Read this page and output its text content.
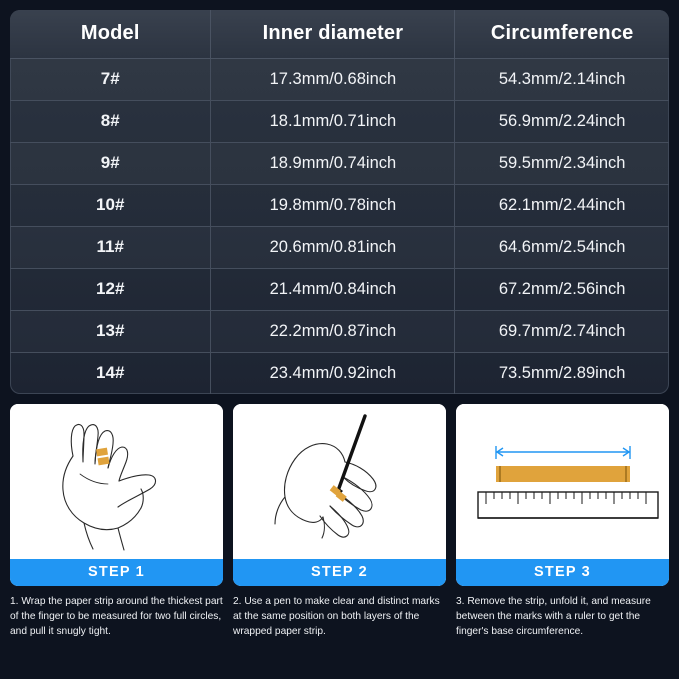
Model	Inner diameter	Circumference
7#	17.3mm/0.68inch	54.3mm/2.14inch
8#	18.1mm/0.71inch	56.9mm/2.24inch
9#	18.9mm/0.74inch	59.5mm/2.34inch
10#	19.8mm/0.78inch	62.1mm/2.44inch
11#	20.6mm/0.81inch	64.6mm/2.54inch
12#	21.4mm/0.84inch	67.2mm/2.56inch
13#	22.2mm/0.87inch	69.7mm/2.74inch
14#	23.4mm/0.92inch	73.5mm/2.89inch
STEP 1	STEP 2	STEP 3
1. Wrap the paper strip around the thickest part of the finger to be measured for two full circles, and pull it snugly tight.
2. Use a pen to make clear and distinct marks at the same position on both layers of the wrapped paper strip.
3. Remove the strip, unfold it, and measure between the marks with a ruler to get the finger's base circumference.
